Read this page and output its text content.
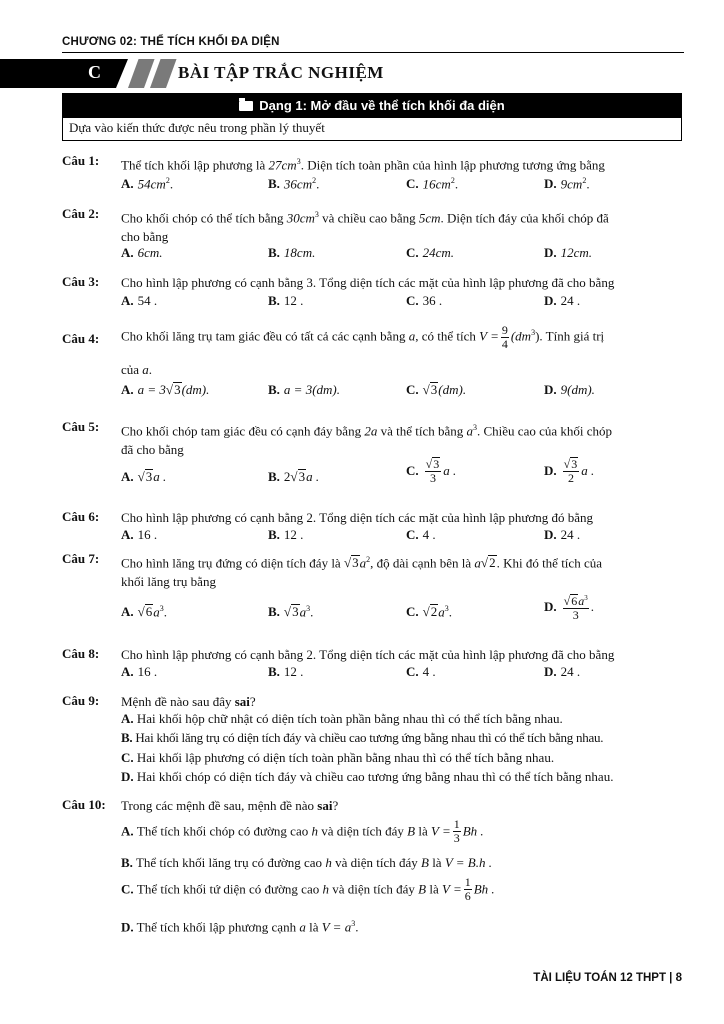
CHƯƠNG 02: THỂ TÍCH KHỐI ĐA DIỆN
C	BÀI TẬP TRẮC NGHIỆM
Dạng 1: Mở đầu về thể tích khối đa diện
Dựa vào kiến thức được nêu trong phần lý thuyết
Câu 1: Thể tích khối lập phương là $27cm^3$. Diện tích toàn phần của hình lập phương tương ứng bằng
A. $54cm^2$.	B. $36cm^2$.	C. $16cm^2$.	D. $9cm^2$.
Câu 2: Cho khối chóp có thể tích bằng $30cm^3$ và chiều cao bằng 5cm. Diện tích đáy của khối chóp đã
cho bằng
A. 6cm.	B. 18cm.	C. 24cm.	D. 12cm.
Câu 3: Cho hình lập phương có cạnh bằng 3. Tổng diện tích các mặt của hình lập phương đã cho bằng
A. 54 .	B. 12 .	C. 36 .	D. 24 .
Câu 4: Cho khối lăng trụ tam giác đều có tất cả các cạnh bằng a, có thể tích $V = \frac{9}{4} (dm^3)$. Tính giá trị
của a.
A. a = 3√3(dm).	B. a = 3(dm).	C. √3(dm).	D. 9(dm).
Câu 5: Cho khối chóp tam giác đều có cạnh đáy bằng 2a và thể tích bằng $a^3$. Chiều cao của khối chóp
đã cho bằng
A. √3a .	B. 2√3a .	C. $\frac{√3}{3}$ a .	D. $\frac{√3}{2}$ a .
Câu 6: Cho hình lập phương có cạnh bằng 2. Tổng diện tích các mặt của hình lập phương đó bằng
A. 16 .	B. 12 .	C. 4 .	D. 24 .
Câu 7: Cho hình lăng trụ đứng có diện tích đáy là $√3a^2$, độ dài cạnh bên là a√2. Khi đó thể tích của
khối lăng trụ bằng
A. $√6a^3$.	B. $√3a^3$.	C. $√2a^3$.	D. $\frac{√6a^3}{3}$ .
Câu 8: Cho hình lập phương có cạnh bằng 2. Tổng diện tích các mặt của hình lập phương đã cho bằng
A. 16 .	B. 12 .	C. 4 .	D. 24 .
Câu 9: Mệnh đề nào sau đây sai?
A. Hai khối hộp chữ nhật có diện tích toàn phần bằng nhau thì có thể tích bằng nhau.
B. Hai khối lăng trụ có diện tích đáy và chiều cao tương ứng bằng nhau thì có thể tích bằng nhau.
C. Hai khối lập phương có diện tích toàn phần bằng nhau thì có thể tích bằng nhau.
D. Hai khối chóp có diện tích đáy và chiều cao tương ứng bằng nhau thì có thể tích bằng nhau.
Câu 10: Trong các mệnh đề sau, mệnh đề nào sai?
A. Thể tích khối chóp có đường cao h và diện tích đáy B là $V = \frac{1}{3}$ Bh .
B. Thể tích khối lăng trụ có đường cao h và diện tích đáy B là V = B.h .
C. Thể tích khối tứ diện có đường cao h và diện tích đáy B là $V = \frac{1}{6}$ Bh .
D. Thể tích khối lập phương cạnh a là $V = a^3$.
TÀI LIỆU TOÁN 12 THPT | 8
